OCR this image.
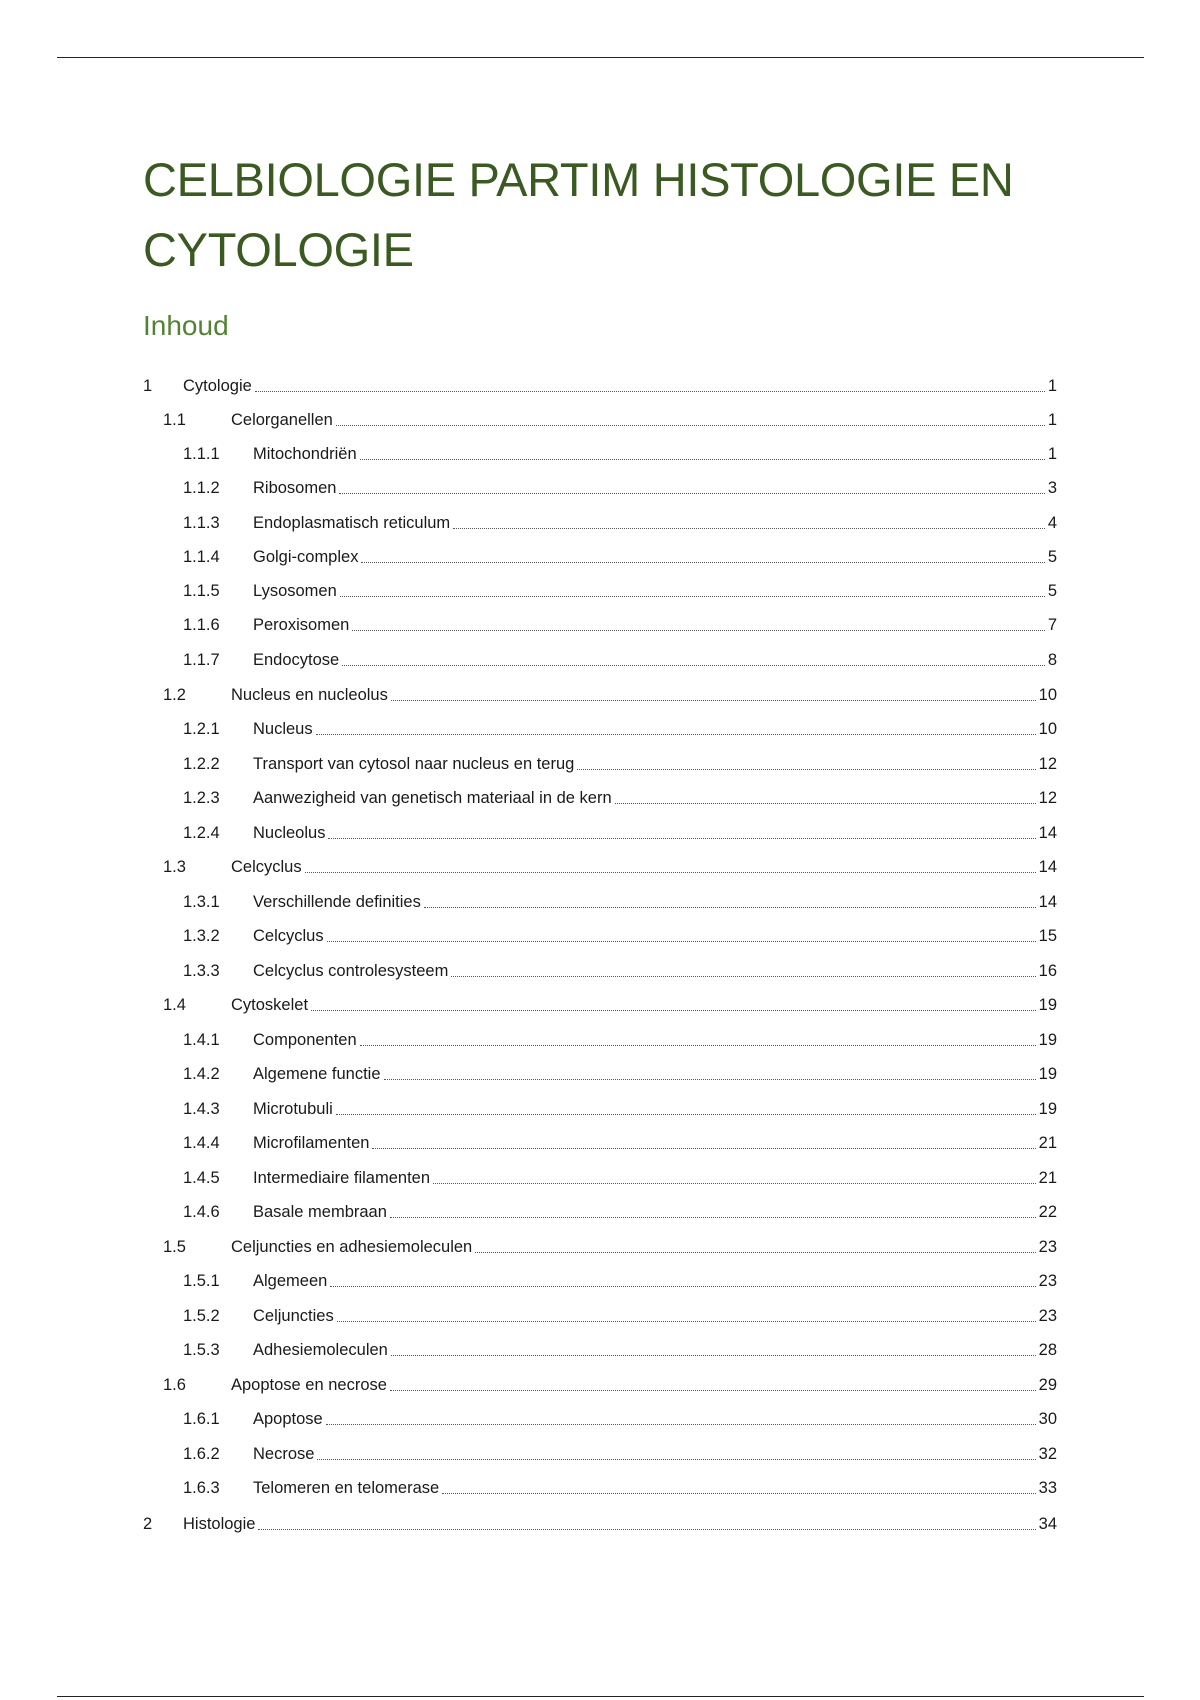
CELBIOLOGIE PARTIM HISTOLOGIE EN CYTOLOGIE
Inhoud
1	Cytologie	1
1.1	Celorganellen	1
1.1.1	Mitochondriën	1
1.1.2	Ribosomen	3
1.1.3	Endoplasmatisch reticulum	4
1.1.4	Golgi-complex	5
1.1.5	Lysosomen	5
1.1.6	Peroxisomen	7
1.1.7	Endocytose	8
1.2	Nucleus en nucleolus	10
1.2.1	Nucleus	10
1.2.2	Transport van cytosol naar nucleus en terug	12
1.2.3	Aanwezigheid van genetisch materiaal in de kern	12
1.2.4	Nucleolus	14
1.3	Celcyclus	14
1.3.1	Verschillende definities	14
1.3.2	Celcyclus	15
1.3.3	Celcyclus controlesysteem	16
1.4	Cytoskelet	19
1.4.1	Componenten	19
1.4.2	Algemene functie	19
1.4.3	Microtubuli	19
1.4.4	Microfilamenten	21
1.4.5	Intermediaire filamenten	21
1.4.6	Basale membraan	22
1.5	Celjuncties en adhesiemoleculen	23
1.5.1	Algemeen	23
1.5.2	Celjuncties	23
1.5.3	Adhesiemoleculen	28
1.6	Apoptose en necrose	29
1.6.1	Apoptose	30
1.6.2	Necrose	32
1.6.3	Telomeren en telomerase	33
2	Histologie	34
